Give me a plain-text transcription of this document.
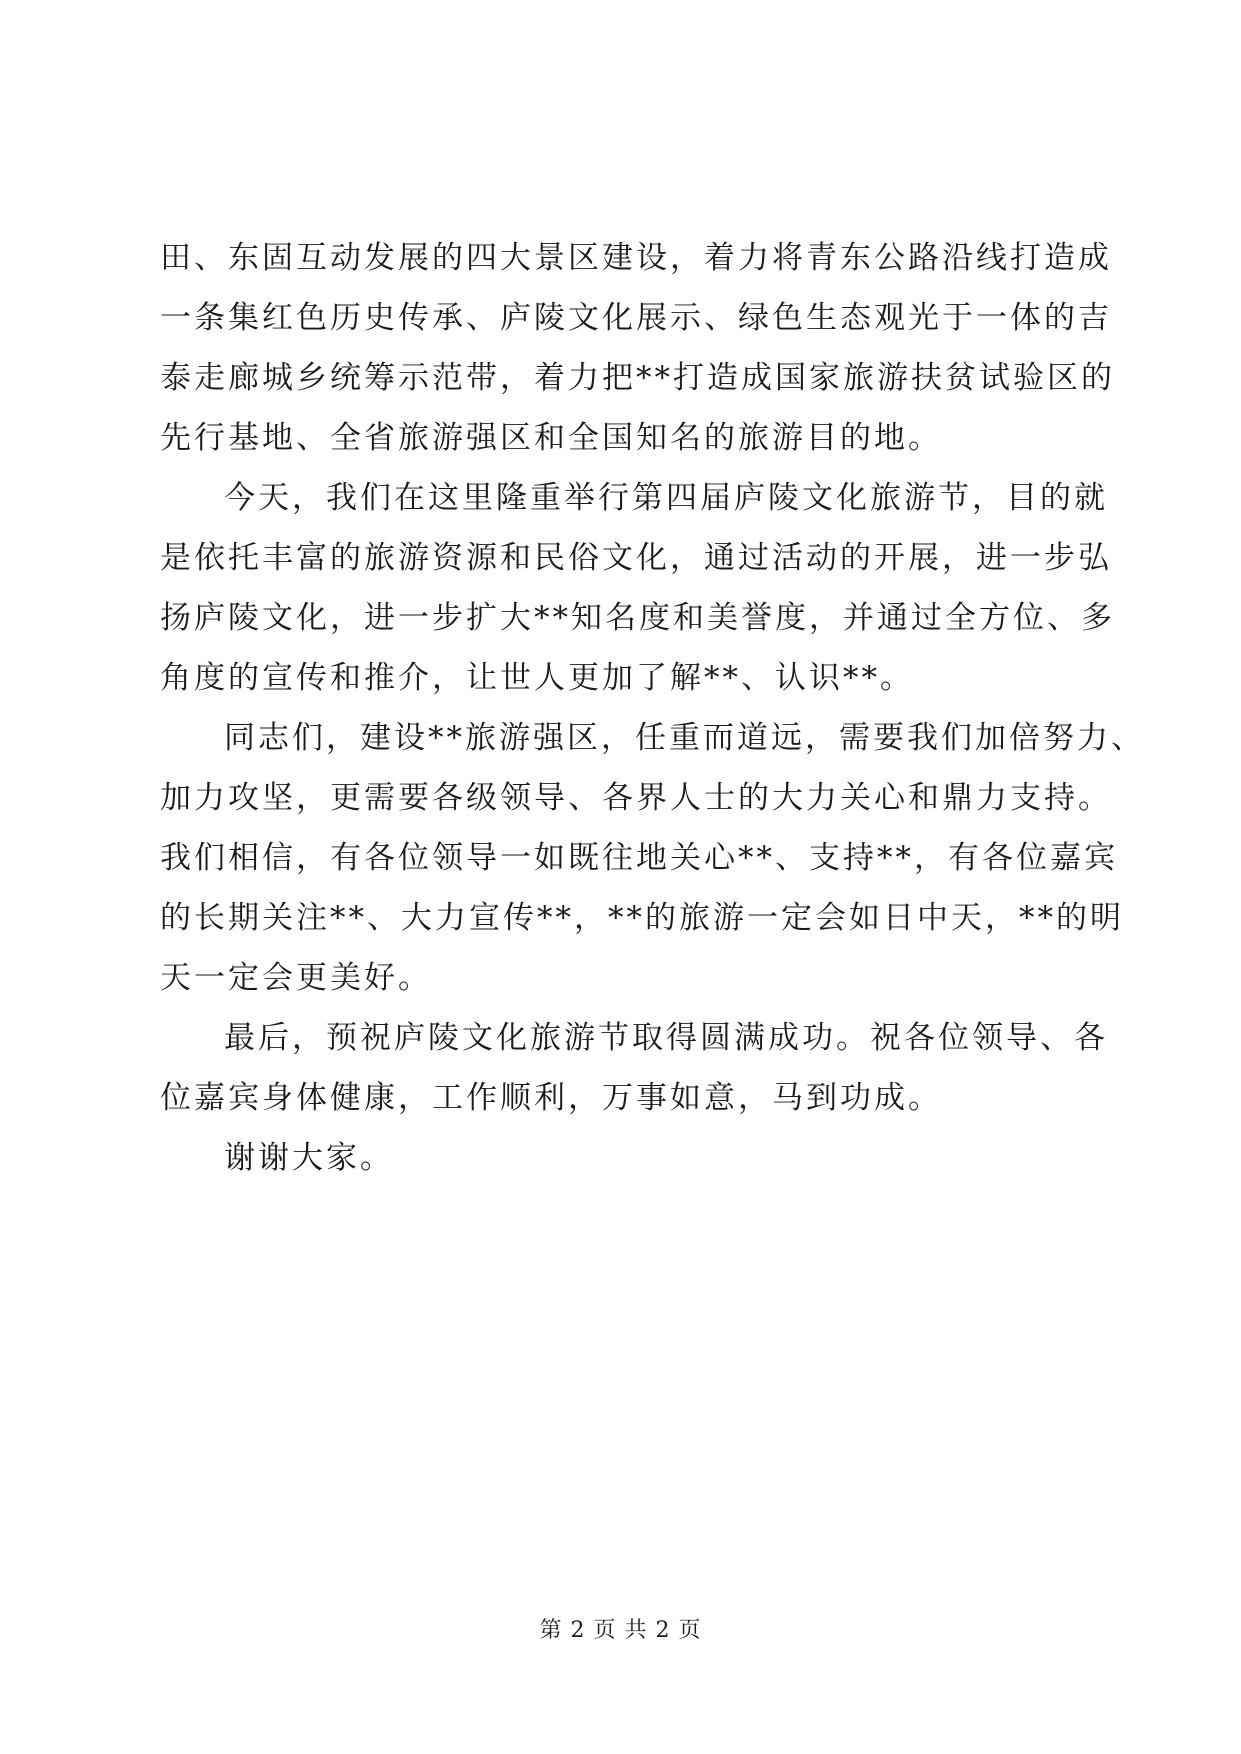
田、东固互动发展的四大景区建设，着力将青东公路沿线打造成
一条集红色历史传承、庐陵文化展示、绿色生态观光于一体的吉
泰走廊城乡统筹示范带，着力把**打造成国家旅游扶贫试验区的
先行基地、全省旅游强区和全国知名的旅游目的地。
今天，我们在这里隆重举行第四届庐陵文化旅游节，目的就
是依托丰富的旅游资源和民俗文化，通过活动的开展，进一步弘
扬庐陵文化，进一步扩大**知名度和美誉度，并通过全方位、多
角度的宣传和推介，让世人更加了解**、认识**。
同志们，建设**旅游强区，任重而道远，需要我们加倍努力、
加力攻坚，更需要各级领导、各界人士的大力关心和鼎力支持。
我们相信，有各位领导一如既往地关心**、支持**，有各位嘉宾
的长期关注**、大力宣传**，**的旅游一定会如日中天，**的明
天一定会更美好。
最后，预祝庐陵文化旅游节取得圆满成功。祝各位领导、各
位嘉宾身体健康，工作顺利，万事如意，马到功成。
谢谢大家。
第 2 页 共 2 页
